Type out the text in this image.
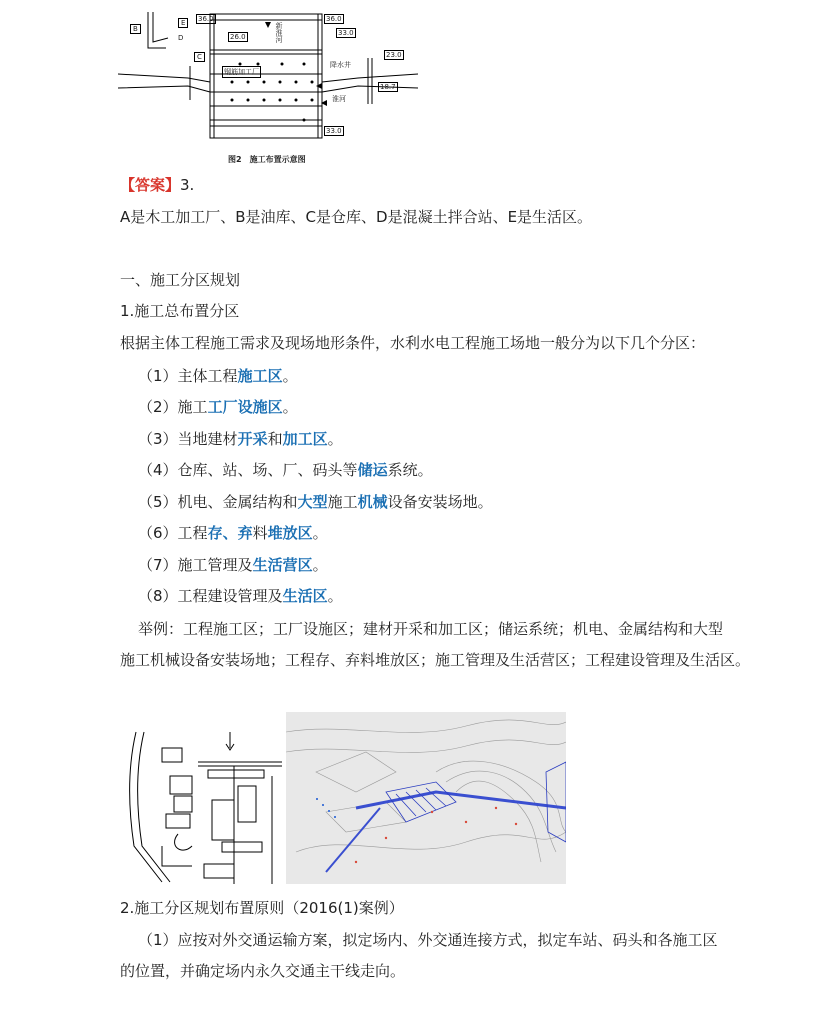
B
D
E
C
36.0	36.0
26.0	33.0
23.0
18.7
33.0
钢筋加工厂
降水井
新淮河
淮河
图2　施工布置示意图
【答案】3.
A是木工加工厂、B是油库、C是仓库、D是混凝土拌合站、E是生活区。
一、施工分区规划
1.施工总布置分区
根据主体工程施工需求及现场地形条件，水利水电工程施工场地一般分为以下几个分区：
（1）主体工程施工区。
（2）施工工厂设施区。
（3）当地建材开采和加工区。
（4）仓库、站、场、厂、码头等储运系统。
（5）机电、金属结构和大型施工机械设备安装场地。
（6）工程存、弃料堆放区。
（7）施工管理及生活营区。
（8）工程建设管理及生活区。
举例：工程施工区；工厂设施区；建材开采和加工区；储运系统；机电、金属结构和大型
施工机械设备安装场地；工程存、弃料堆放区；施工管理及生活营区；工程建设管理及生活区。
2.施工分区规划布置原则（2016(1)案例）
（1）应按对外交通运输方案，拟定场内、外交通连接方式，拟定车站、码头和各施工区
的位置，并确定场内永久交通主干线走向。
